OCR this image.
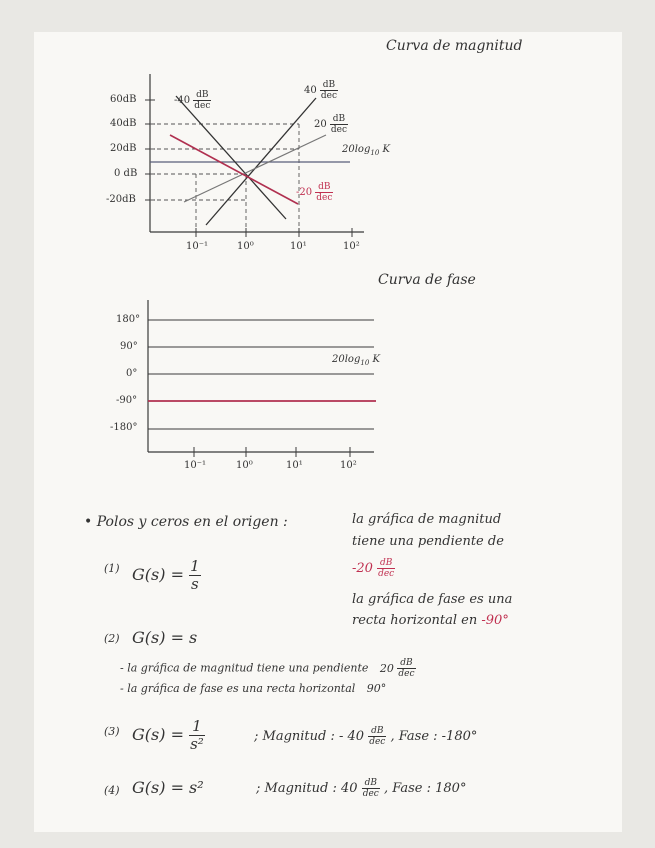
Curva de magnitud
60dB
40dB
20dB
0 dB
-20dB
10⁻¹	10⁰	10¹	10²
$-40 \frac{dB}{\text{dec}}$	$40 \frac{dB}{\text{dec}}$
$20 \frac{dB}{\text{dec}}$
$20\log_{10}$ K
$-20 \frac{dB}{\text{dec}}$
Curva de fase
180°
90°
0°
-90°
-180°
$20\log_{10}$ K
10⁻¹	10⁰	10¹	10²
• Polos y ceros en el origen :	la gráfica de magnitud
tiene una pendiente de
$-20 \frac{dB}{\text{dec}}$
la gráfica de fase es una
recta horizontal en -90°
(1) $G(s) = \frac{1}{s}$
(2) G(s) = s
- la gráfica de magnitud tiene una pendiente $20 \frac{dB}{\text{dec}}$
- la gráfica de fase es una recta horizontal 90°
(3) $G(s) = \frac{1}{\text{s²}}$	; Magnitud : - $40 \frac{dB}{\text{dec}}$ , Fase : -180°
(4) G(s) = s²	; Magnitud : $40 \frac{dB}{\text{dec}}$ , Fase : 180°
